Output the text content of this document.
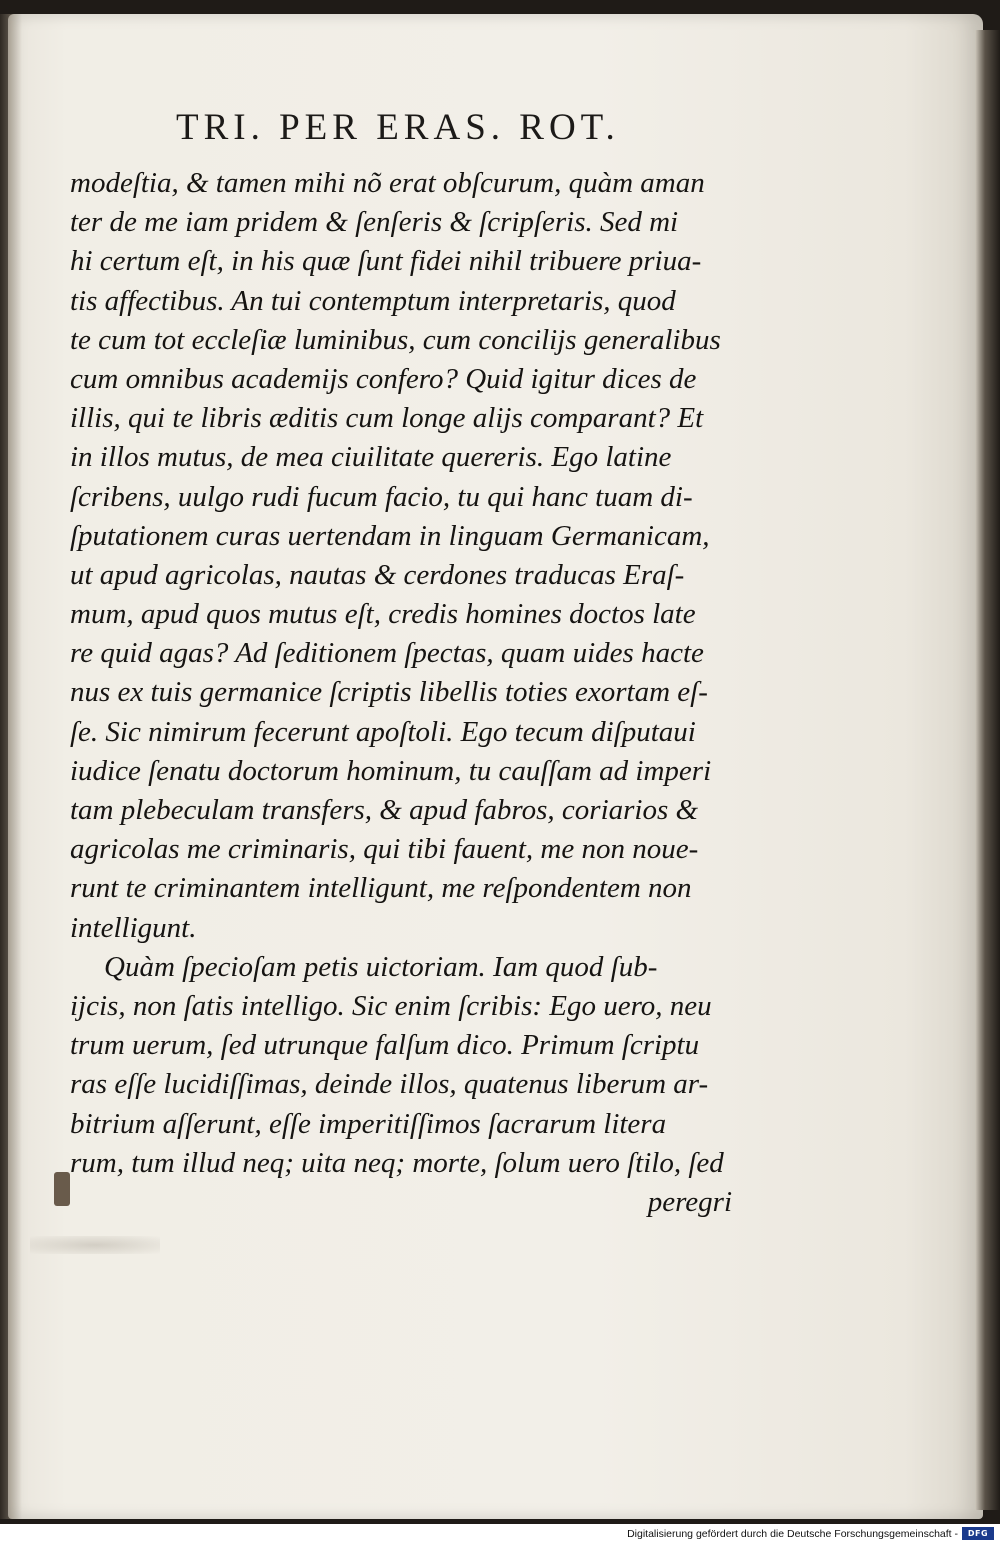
TRI. PER ERAS. ROT.
modeſtia, & tamen mihi nõ erat obſcurum, quàm aman
ter de me iam pridem & ſenſeris & ſcripſeris. Sed mi
hi certum eſt, in his quæ ſunt fidei nihil tribuere priua-
tis affectibus. An tui contemptum interpretaris, quod
te cum tot eccleſiæ luminibus, cum concilijs generalibus
cum omnibus academijs confero? Quid igitur dices de
illis, qui te libris æditis cum longe alijs comparant? Et
in illos mutus, de mea ciuilitate quereris. Ego latine
ſcribens, uulgo rudi fucum facio, tu qui hanc tuam di-
ſputationem curas uertendam in linguam Germanicam,
ut apud agricolas, nautas & cerdones traducas Eraſ-
mum, apud quos mutus eſt, credis homines doctos late
re quid agas? Ad ſeditionem ſpectas, quam uides hacte
nus ex tuis germanice ſcriptis libellis toties exortam eſ-
ſe. Sic nimirum fecerunt apoſtoli. Ego tecum diſputaui
iudice ſenatu doctorum hominum, tu cauſſam ad imperi
tam plebeculam transfers, & apud fabros, coriarios &
agricolas me criminaris, qui tibi fauent, me non noue-
runt te criminantem intelligunt, me reſpondentem non
intelligunt.
Quàm ſpecioſam petis uictoriam. Iam quod ſub-
ijcis, non ſatis intelligo. Sic enim ſcribis: Ego uero, neu
trum uerum, ſed utrunque falſum dico. Primum ſcriptu
ras eſſe lucidiſſimas, deinde illos, quatenus liberum ar-
bitrium aſſerunt, eſſe imperitiſſimos ſacrarum litera
rum, tum illud neq; uita neq; morte, ſolum uero ſtilo, ſed
peregri
Digitalisierung gefördert durch die Deutsche Forschungsgemeinschaft -	DFG
